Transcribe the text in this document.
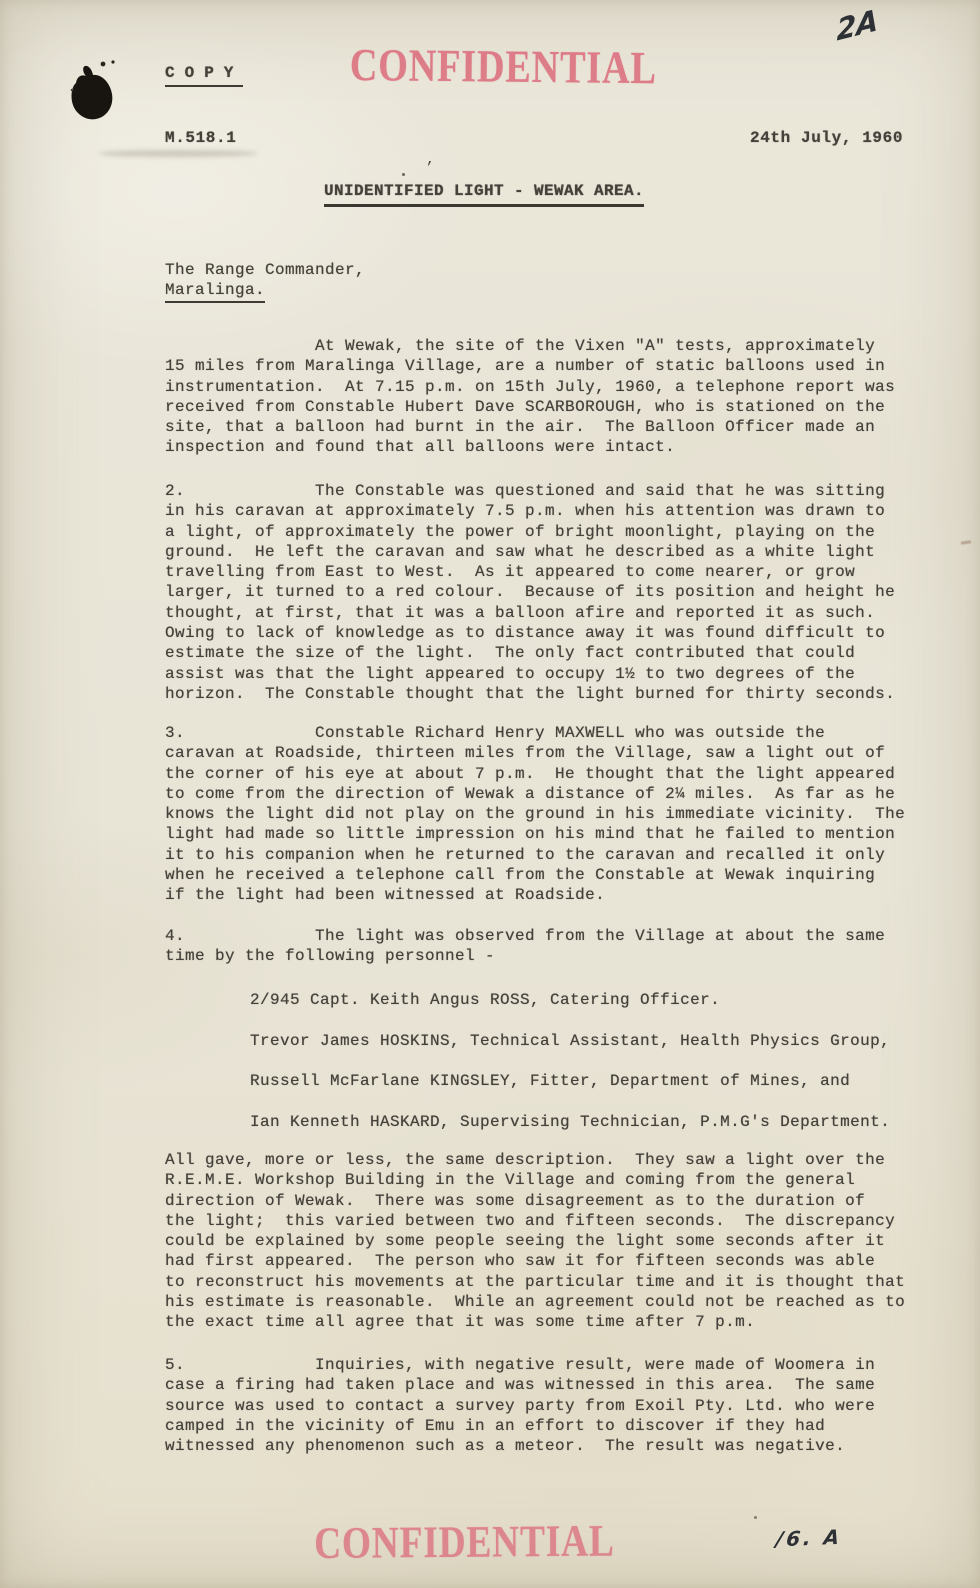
COPY CONFIDENTIAL
2A
M.518.1	24th July, 1960
’
UNIDENTIFIED LIGHT - WEWAK AREA.
The Range Commander,
Maralinga.
At Wewak, the site of the Vixen "A" tests, approximately
15 miles from Maralinga Village, are a number of static balloons used in
instrumentation.  At 7.15 p.m. on 15th July, 1960, a telephone report was
received from Constable Hubert Dave SCARBOROUGH, who is stationed on the
site, that a balloon had burnt in the air.  The Balloon Officer made an
inspection and found that all balloons were intact.
2.             The Constable was questioned and said that he was sitting
in his caravan at approximately 7.5 p.m. when his attention was drawn to
a light, of approximately the power of bright moonlight, playing on the
ground.  He left the caravan and saw what he described as a white light
travelling from East to West.  As it appeared to come nearer, or grow
larger, it turned to a red colour.  Because of its position and height he
thought, at first, that it was a balloon afire and reported it as such.
Owing to lack of knowledge as to distance away it was found difficult to
estimate the size of the light.  The only fact contributed that could
assist was that the light appeared to occupy 1½ to two degrees of the
horizon.  The Constable thought that the light burned for thirty seconds.
3.             Constable Richard Henry MAXWELL who was outside the
caravan at Roadside, thirteen miles from the Village, saw a light out of
the corner of his eye at about 7 p.m.  He thought that the light appeared
to come from the direction of Wewak a distance of 2¼ miles.  As far as he
knows the light did not play on the ground in his immediate vicinity.  The
light had made so little impression on his mind that he failed to mention
it to his companion when he returned to the caravan and recalled it only
when he received a telephone call from the Constable at Wewak inquiring
if the light had been witnessed at Roadside.
4.             The light was observed from the Village at about the same
time by the following personnel -
2/945 Capt. Keith Angus ROSS, Catering Officer.
Trevor James HOSKINS, Technical Assistant, Health Physics Group,
Russell McFarlane KINGSLEY, Fitter, Department of Mines, and
Ian Kenneth HASKARD, Supervising Technician, P.M.G's Department.
All gave, more or less, the same description.  They saw a light over the
R.E.M.E. Workshop Building in the Village and coming from the general
direction of Wewak.  There was some disagreement as to the duration of
the light;  this varied between two and fifteen seconds.  The discrepancy
could be explained by some people seeing the light some seconds after it
had first appeared.  The person who saw it for fifteen seconds was able
to reconstruct his movements at the particular time and it is thought that
his estimate is reasonable.  While an agreement could not be reached as to
the exact time all agree that it was some time after 7 p.m.
5.             Inquiries, with negative result, were made of Woomera in
case a firing had taken place and was witnessed in this area.  The same
source was used to contact a survey party from Exoil Pty. Ltd. who were
camped in the vicinity of Emu in an effort to discover if they had
witnessed any phenomenon such as a meteor.  The result was negative.
CONFIDENTIAL	/6. A
